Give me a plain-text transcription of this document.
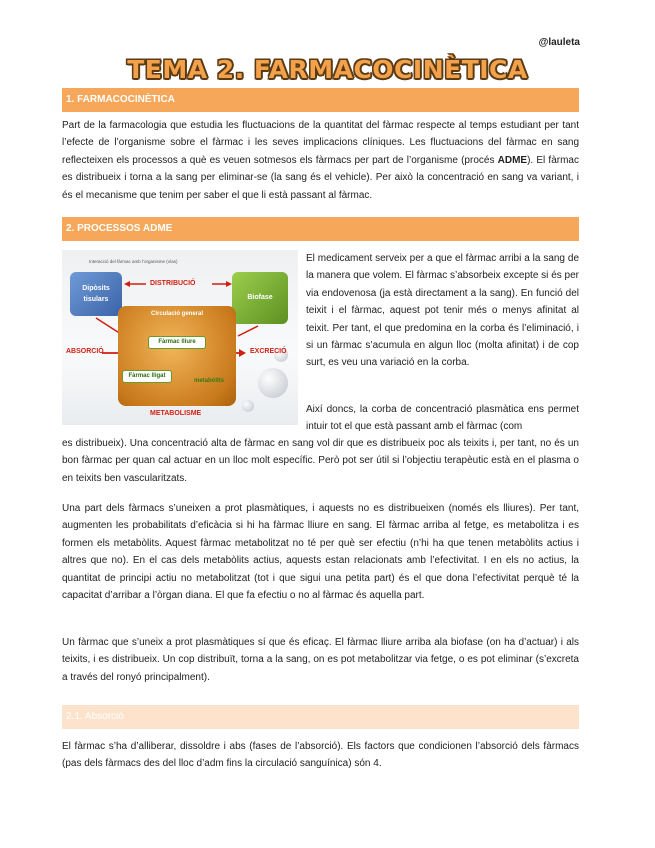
@lauleta
TEMA 2. FARMACOCINÈTICA
1. FARMACOCINÈTICA

Part de la farmacologia que estudia les fluctuacions de la quantitat del fàrmac respecte al temps estudiant per tant l’efecte de l’organisme sobre el fàrmac i les seves implicacions clíniques. Les fluctuacions del fàrmac en sang reflecteixen els processos a què es veuen sotmesos els fàrmacs per part de l’organisme (procés ADME). El fàrmac es distribueix i torna a la sang per eliminar-se (la sang és el vehicle). Per això la concentració en sang va variant, i és el mecanisme que tenim per saber el que li està passant al fàrmac.

2. PROCESSOS ADME
Interacció del fàrmac amb l’organisme (vías)
Dipòsits tisulars	Biofase
DISTRIBUCIÓ
Circulació general
Fàrmac lliure
Fàrmac lligat
ABSORCIÓ	EXCRECIÓ
metabòlits
METABOLISME

El medicament serveix per a que el fàrmac arribi a la sang de la manera que volem. El fàrmac s’absorbeix excepte si és per via endovenosa (ja està directament a la sang). En funció del teixit i el fàrmac, aquest pot tenir més o menys afinitat al teixit. Per tant, el que predomina en la corba és l’eliminació, i si un fàrmac s’acumula en algun lloc (molta afinitat) i de cop surt, es veu una variació en la corba.

Així doncs, la corba de concentració plasmàtica ens permet intuir tot el que està passant amb el fàrmac (com

es distribueix). Una concentració alta de fàrmac en sang vol dir que es distribueix poc als teixits i, per tant, no és un bon fàrmac per quan cal actuar en un lloc molt específic. Però pot ser útil si l’objectiu terapèutic està en el plasma o en teixits ben vascularitzats.

Una part dels fàrmacs s’uneixen a prot plasmàtiques, i aquests no es distribueixen (només els lliures). Per tant, augmenten les probabilitats d’eficàcia si hi ha fàrmac lliure en sang. El fàrmac arriba al fetge, es metabolitza i es formen els metabòlits. Aquest fàrmac metabolitzat no té per què ser efectiu (n’hi ha que tenen metabòlits actius i altres que no). En el cas dels metabòlits actius, aquests estan relacionats amb l’efectivitat. I en els no actius, la quantitat de principi actiu no metabolitzat (tot i que sigui una petita part) és el que dona l’efectivitat perquè té la capacitat d’arribar a l’òrgan diana. El que fa efectiu o no al fàrmac és aquella part.

Un fàrmac que s’uneix a prot plasmàtiques sí que és eficaç. El fàrmac lliure arriba ala biofase (on ha d’actuar) i als teixits, i es distribueix. Un cop distribuït, torna a la sang, on es pot metabolitzar via fetge, o es pot eliminar (s’excreta a través del ronyó principalment).

2.1. Absorció

El fàrmac s’ha d’alliberar, dissoldre i abs (fases de l’absorció). Els factors que condicionen l’absorció dels fàrmacs (pas dels fàrmacs des del lloc d’adm fins la circulació sanguínica) són 4.
